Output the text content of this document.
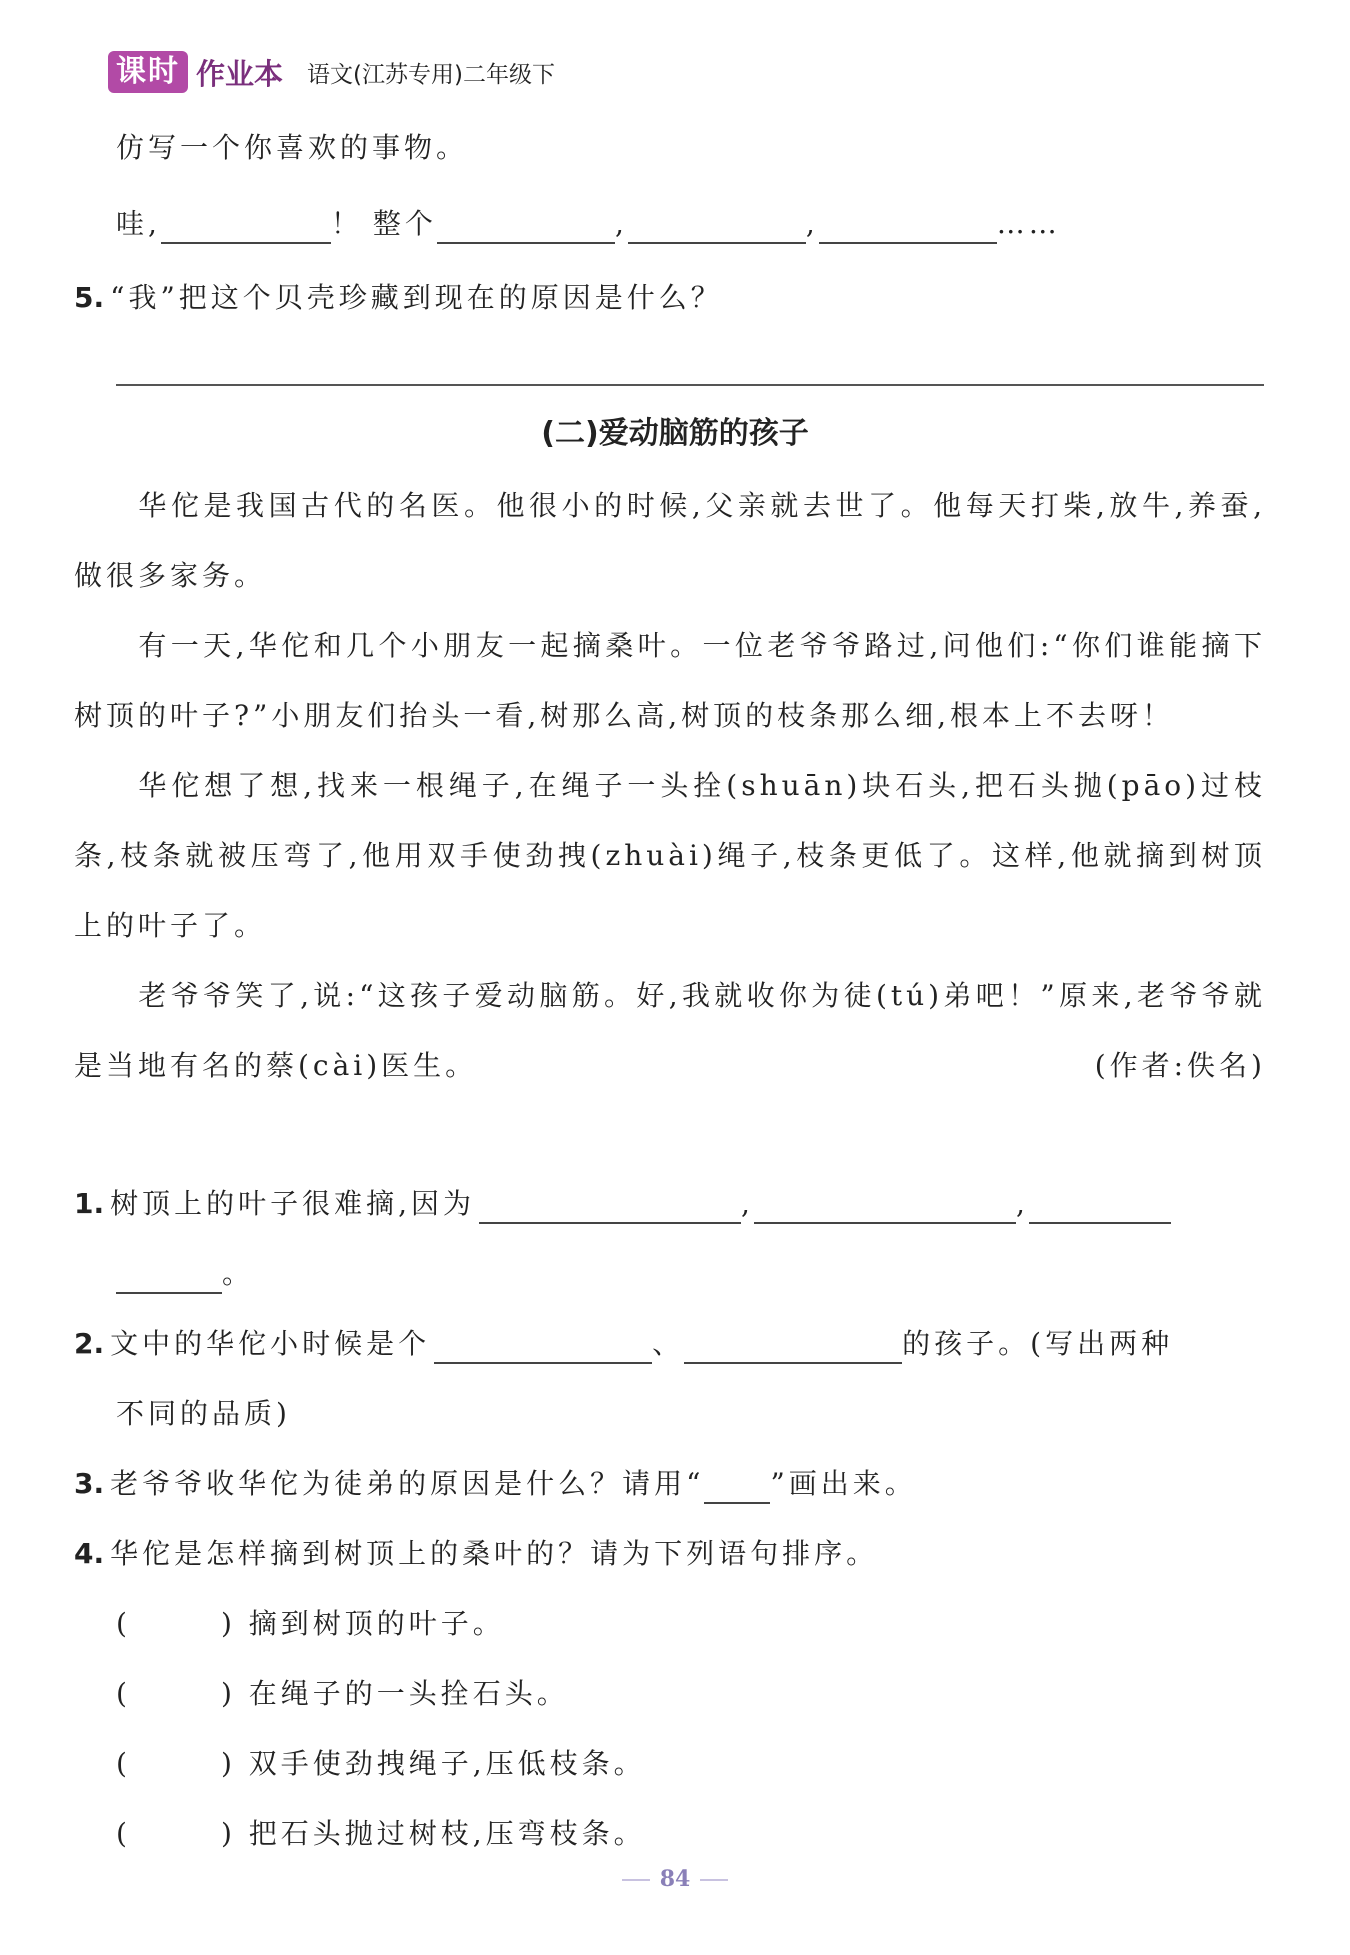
课时 作业本 语文(江苏专用)二年级下
仿写一个你喜欢的事物。
哇,	！ 整个	,	,	……
5. “我”把这个贝壳珍藏到现在的原因是什么？
(二)爱动脑筋的孩子

华佗是我国古代的名医。他很小的时候,父亲就去世了。他每天打柴,放牛,养蚕,做很多家务。

有一天,华佗和几个小朋友一起摘桑叶。一位老爷爷路过,问他们:“你们谁能摘下树顶的叶子?”小朋友们抬头一看,树那么高,树顶的枝条那么细,根本上不去呀！

华佗想了想,找来一根绳子,在绳子一头拴(shuān)块石头,把石头抛(pāo)过枝条,枝条就被压弯了,他用双手使劲拽(zhuài)绳子,枝条更低了。这样,他就摘到树顶上的叶子了。

老爷爷笑了,说:“这孩子爱动脑筋。好,我就收你为徒(tú)弟吧！”原来,老爷爷就是当地有名的蔡(cài)医生。	(作者:佚名)

1. 树顶上的叶子很难摘,因为	,	,
。
2. 文中的华佗小时候是个	、	的孩子。(写出两种
不同的品质)
3. 老爷爷收华佗为徒弟的原因是什么？请用“ ”画出来。
4. 华佗是怎样摘到树顶上的桑叶的？请为下列语句排序。
(	) 摘到树顶的叶子。
(	) 在绳子的一头拴石头。
(	) 双手使劲拽绳子,压低枝条。
(	) 把石头抛过树枝,压弯枝条。
84
